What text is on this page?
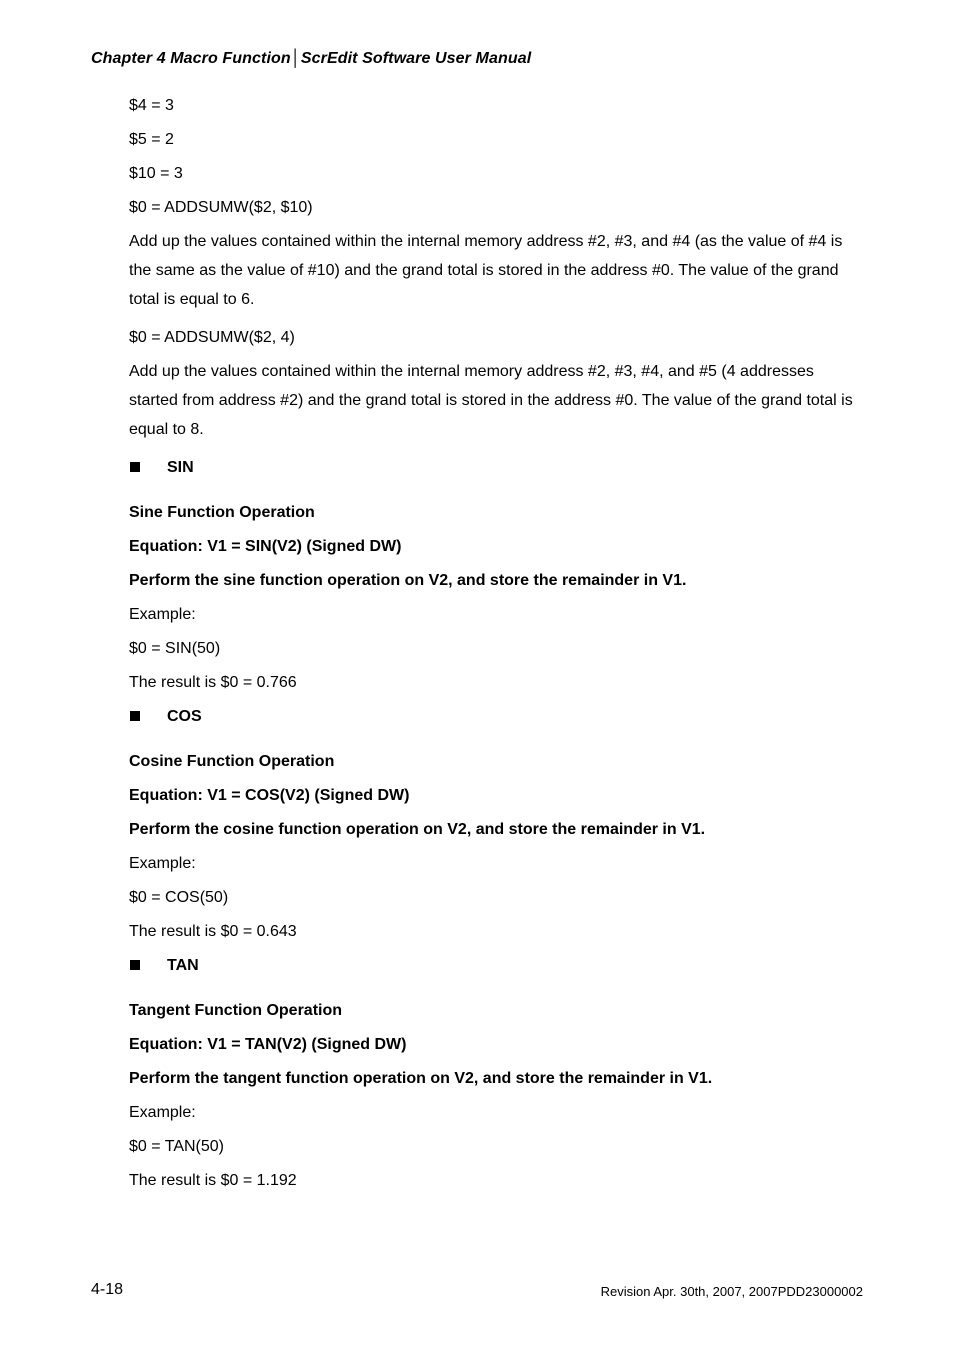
Chapter 4 Macro Function│ScrEdit Software User Manual

$4 = 3

$5 = 2

$10 = 3

$0 = ADDSUMW($2, $10)

Add up the values contained within the internal memory address #2, #3, and #4 (as the value of #4 is the same as the value of #10) and the grand total is stored in the address #0. The value of the grand total is equal to 6.

$0 = ADDSUMW($2, 4)

Add up the values contained within the internal memory address #2, #3, #4, and #5 (4 addresses started from address #2) and the grand total is stored in the address #0. The value of the grand total is equal to 8.

SIN

Sine Function Operation

Equation: V1 = SIN(V2) (Signed DW)

Perform the sine function operation on V2, and store the remainder in V1.

Example:

$0 = SIN(50)

The result is $0 = 0.766

COS

Cosine Function Operation

Equation: V1 = COS(V2) (Signed DW)

Perform the cosine function operation on V2, and store the remainder in V1.

Example:

$0 = COS(50)

The result is $0 = 0.643

TAN

Tangent Function Operation

Equation: V1 = TAN(V2) (Signed DW)

Perform the tangent function operation on V2, and store the remainder in V1.

Example:

$0 = TAN(50)

The result is $0 = 1.192

4-18	Revision Apr. 30th, 2007, 2007PDD23000002
